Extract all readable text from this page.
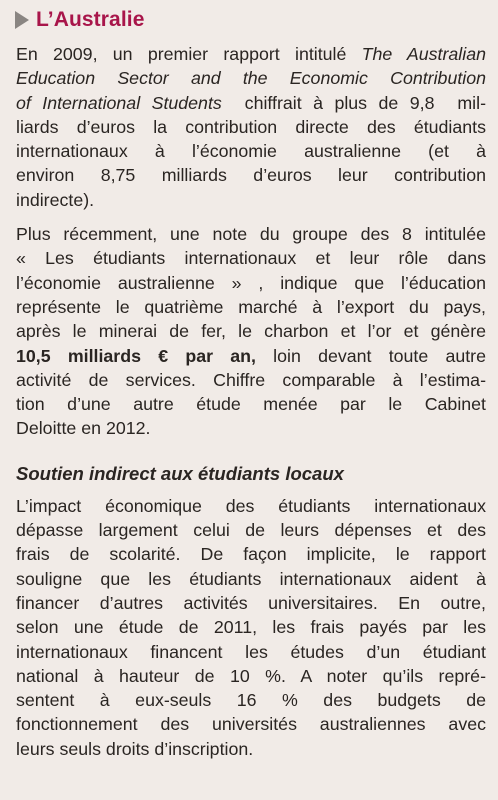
L’Australie
En 2009, un premier rapport intitulé The Australian
Education Sector and the Economic Contribution
of International Students  chiffrait à plus de 9,8  mil-
liards d’euros la contribution directe des étudiants
internationaux à l’économie australienne (et à
environ 8,75 milliards d’euros leur contribution
indirecte).
Plus récemment, une note du groupe des 8 intitulée
« Les étudiants internationaux et leur rôle dans
l’économie australienne » , indique que l’éducation
représente le quatrième marché à l’export du pays,
après le minerai de fer, le charbon et l’or et génère
10,5 milliards € par an, loin devant toute autre
activité de services. Chiffre comparable à l’estima-
tion d’une autre étude menée par le Cabinet
Deloitte en 2012.
Soutien indirect aux étudiants locaux
L’impact économique des étudiants internationaux
dépasse largement celui de leurs dépenses et des
frais de scolarité. De façon implicite, le rapport
souligne que les étudiants internationaux aident à
financer d’autres activités universitaires. En outre,
selon une étude de 2011, les frais payés par les
internationaux financent les études d’un étudiant
national à hauteur de 10 %. A noter qu’ils repré-
sentent à eux-seuls 16 % des budgets de
fonctionnement des universités australiennes avec
leurs seuls droits d’inscription.
